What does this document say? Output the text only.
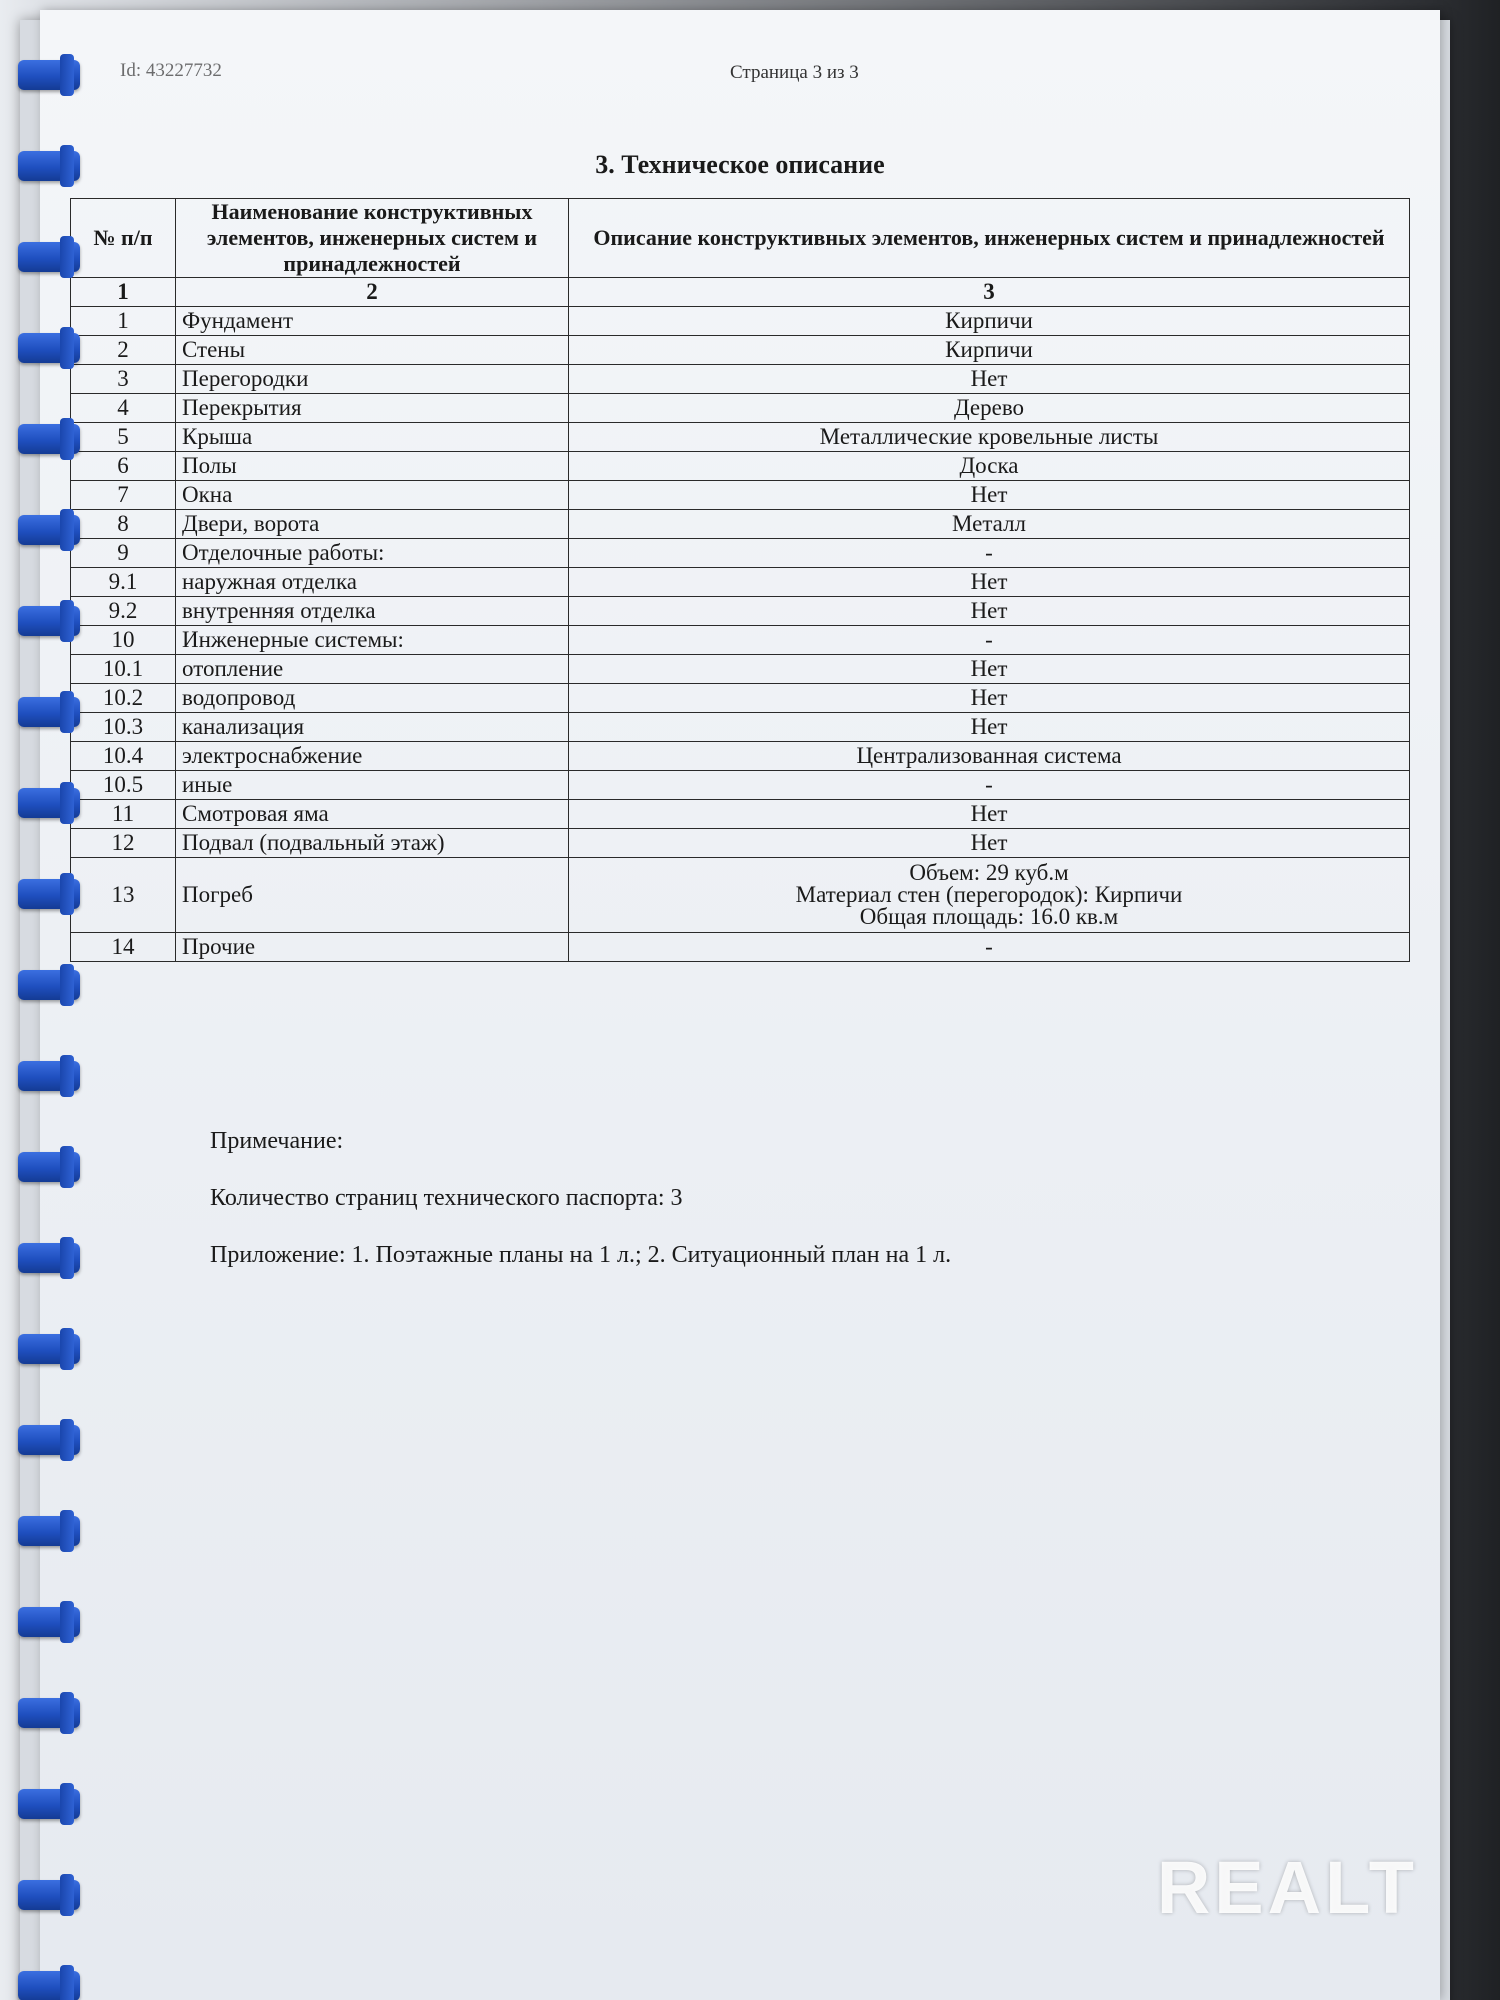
Id: 43227732	Страница 3 из 3
3. Техническое описание
№ п/п	Наименование конструктивных элементов, инженерных систем и принадлежностей	Описание конструктивных элементов, инженерных систем и принадлежностей
1	2	3
1	Фундамент	Кирпичи
2	Стены	Кирпичи
3	Перегородки	Нет
4	Перекрытия	Дерево
5	Крыша	Металлические кровельные листы
6	Полы	Доска
7	Окна	Нет
8	Двери, ворота	Металл
9	Отделочные работы:	-
9.1	наружная отделка	Нет
9.2	внутренняя отделка	Нет
10	Инженерные системы:	-
10.1	отопление	Нет
10.2	водопровод	Нет
10.3	канализация	Нет
10.4	электроснабжение	Централизованная система
10.5	иные	-
11	Смотровая яма	Нет
12	Подвал (подвальный этаж)	Нет
13	Погреб	Объем: 29 куб.м
Материал стен (перегородок): Кирпичи
Общая площадь: 16.0 кв.м

14	Прочие	-
Примечание:
Количество страниц технического паспорта: 3
Приложение: 1. Поэтажные планы на 1 л.; 2. Ситуационный план на 1 л.
REALT
